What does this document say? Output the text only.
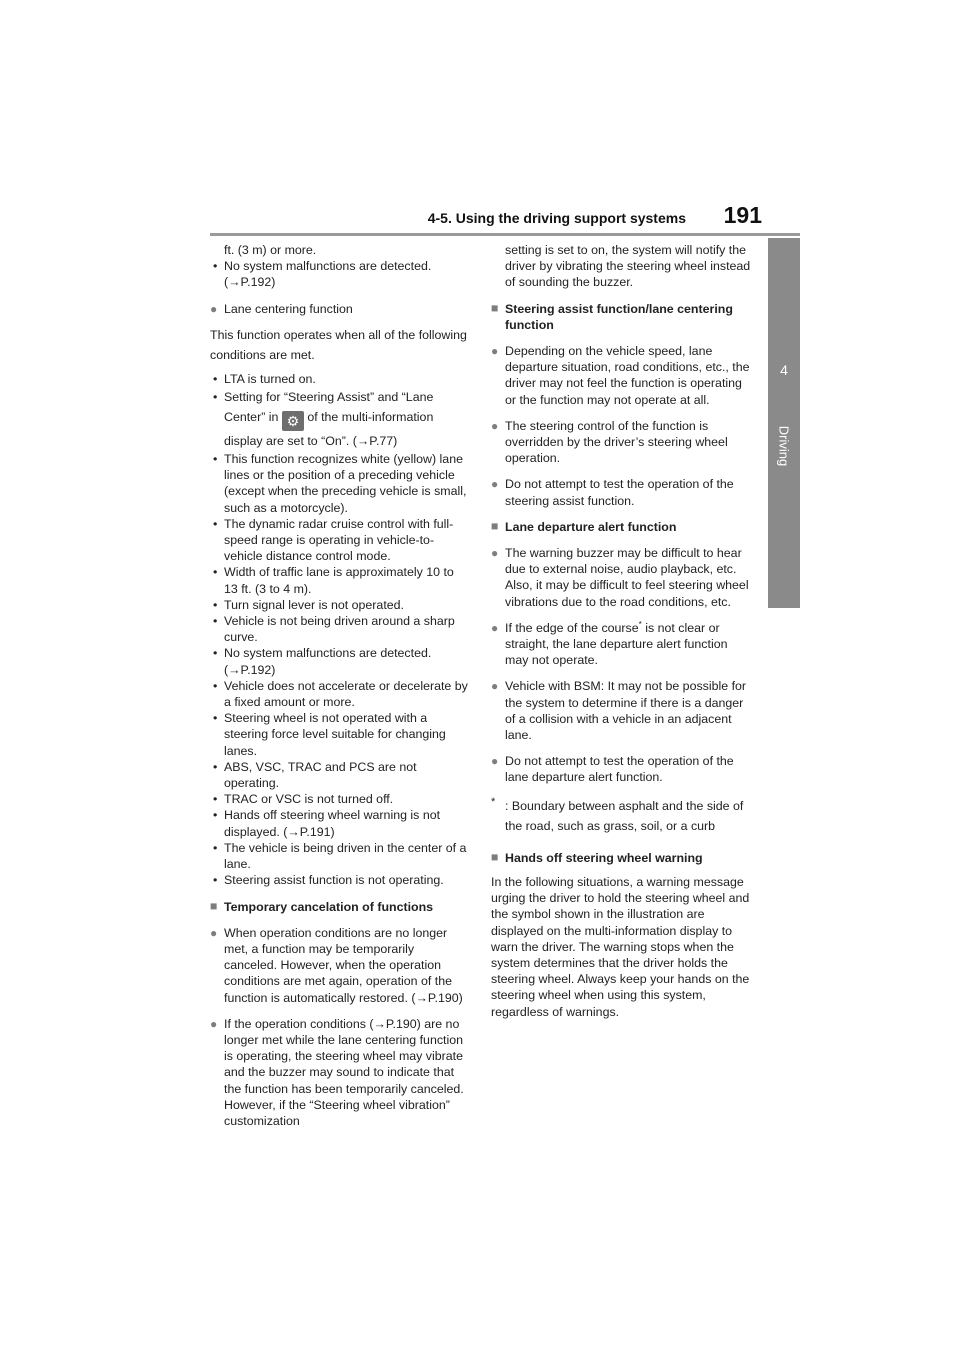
4-5. Using the driving support systems 191
4
Driving

ft. (3 m) or more.

• No system malfunctions are detected. (→P.192)

● Lane centering function

This function operates when all of the following conditions are met.

• LTA is turned on.

• Setting for “Steering Assist” and “Lane Center” in ⚙ of the multi-information display are set to “On”. (→P.77)

• This function recognizes white (yellow) lane lines or the position of a preceding vehicle (except when the preceding vehicle is small, such as a motorcycle).

• The dynamic radar cruise control with full-speed range is operating in vehicle-to-vehicle distance control mode.

• Width of traffic lane is approximately 10 to 13 ft. (3 to 4 m).

• Turn signal lever is not operated.

• Vehicle is not being driven around a sharp curve.

• No system malfunctions are detected. (→P.192)

• Vehicle does not accelerate or decelerate by a fixed amount or more.

• Steering wheel is not operated with a steering force level suitable for changing lanes.

• ABS, VSC, TRAC and PCS are not operating.

• TRAC or VSC is not turned off.

• Hands off steering wheel warning is not displayed. (→P.191)

• The vehicle is being driven in the center of a lane.

• Steering assist function is not operating.

■ Temporary cancelation of functions

● When operation conditions are no longer met, a function may be temporarily canceled. However, when the operation conditions are met again, operation of the function is automatically restored. (→P.190)

● If the operation conditions (→P.190) are no longer met while the lane centering function is operating, the steering wheel may vibrate and the buzzer may sound to indicate that the function has been temporarily canceled. However, if the “Steering wheel vibration” customization

setting is set to on, the system will notify the driver by vibrating the steering wheel instead of sounding the buzzer.

■ Steering assist function/lane centering function

● Depending on the vehicle speed, lane departure situation, road conditions, etc., the driver may not feel the function is operating or the function may not operate at all.

● The steering control of the function is overridden by the driver’s steering wheel operation.

● Do not attempt to test the operation of the steering assist function.

■ Lane departure alert function

● The warning buzzer may be difficult to hear due to external noise, audio playback, etc. Also, it may be difficult to feel steering wheel vibrations due to the road conditions, etc.

● If the edge of the course* is not clear or straight, the lane departure alert function may not operate.

● Vehicle with BSM: It may not be possible for the system to determine if there is a danger of a collision with a vehicle in an adjacent lane.

● Do not attempt to test the operation of the lane departure alert function.

* : Boundary between asphalt and the side of the road, such as grass, soil, or a curb

■ Hands off steering wheel warning

In the following situations, a warning message urging the driver to hold the steering wheel and the symbol shown in the illustration are displayed on the multi-information display to warn the driver. The warning stops when the system determines that the driver holds the steering wheel. Always keep your hands on the steering wheel when using this system, regardless of warnings.
